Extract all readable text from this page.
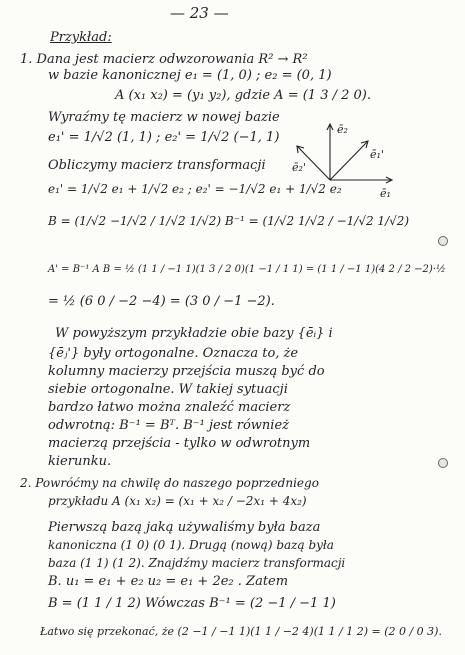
— 23 —
Przykład:
1. Dana jest macierz odwzorowania R² → R²
w bazie kanonicznej e₁ = (1, 0) ; e₂ = (0, 1)
A (x₁ x₂) = (y₁ y₂), gdzie A = (1 3 / 2 0).
Wyraźmy tę macierz w nowej bazie
e₁' = 1/√2 (1, 1) ; e₂' = 1/√2 (−1, 1)
Obliczymy macierz transformacji
e₁' = 1/√2 e₁ + 1/√2 e₂ ; e₂' = −1/√2 e₁ + 1/√2 e₂
B = (1/√2 −1/√2 / 1/√2 1/√2) B⁻¹ = (1/√2 1/√2 / −1/√2 1/√2)
A' = B⁻¹ A B = ½ (1 1 / −1 1)(1 3 / 2 0)(1 −1 / 1 1) = (1 1 / −1 1)(4 2 / 2 −2)·½
= ½ (6 0 / −2 −4) = (3 0 / −1 −2).
W powyższym przykładzie obie bazy {ēᵢ} i
{ēⱼ'} były ortogonalne. Oznacza to, że
kolumny macierzy przejścia muszą być do
siebie ortogonalne. W takiej sytuacji
bardzo łatwo można znaleźć macierz
odwrotną: B⁻¹ = Bᵀ. B⁻¹ jest również
macierzą przejścia - tylko w odwrotnym
kierunku.
2. Powróćmy na chwilę do naszego poprzedniego
przykładu A (x₁ x₂) = (x₁ + x₂ / −2x₁ + 4x₂)
Pierwszą bazą jaką używaliśmy była baza
kanoniczna (1 0) (0 1). Drugą (nową) bazą była
baza (1 1) (1 2). Znajdźmy macierz transformacji
B. u₁ = e₁ + e₂ u₂ = e₁ + 2e₂ . Zatem
B = (1 1 / 1 2) Wówczas B⁻¹ = (2 −1 / −1 1)
Łatwo się przekonać, że (2 −1 / −1 1)(1 1 / −2 4)(1 1 / 1 2) = (2 0 / 0 3).
ē₁
ē₂
ē₁'
ē₂'
